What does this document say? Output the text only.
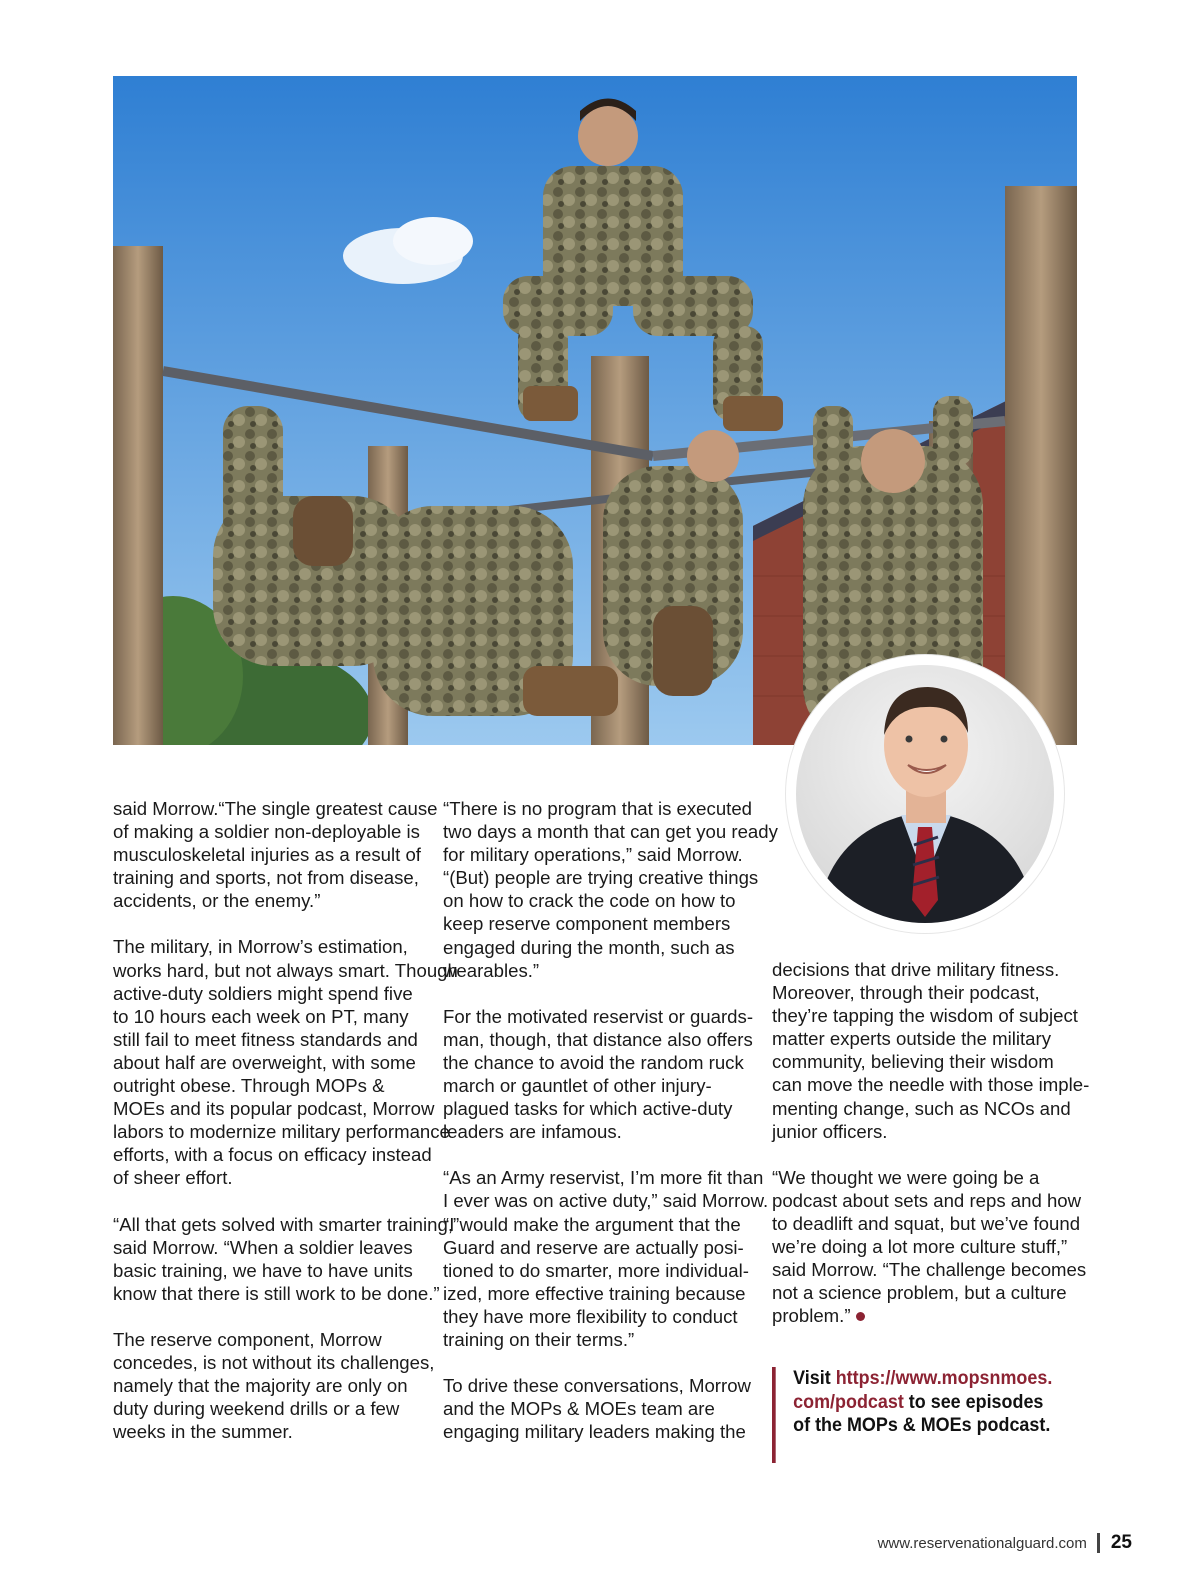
said Morrow.“The single greatest cause
of making a soldier non-deployable is
musculoskeletal injuries as a result of
training and sports, not from disease,
accidents, or the enemy.”

The military, in Morrow’s estimation,
works hard, but not always smart. Though
active-duty soldiers might spend five
to 10 hours each week on PT, many
still fail to meet fitness standards and
about half are overweight, with some
outright obese. Through MOPs &
MOEs and its popular podcast, Morrow
labors to modernize military performance
efforts, with a focus on efficacy instead
of sheer effort.

“All that gets solved with smarter training,”
said Morrow. “When a soldier leaves
basic training, we have to have units
know that there is still work to be done.”

The reserve component, Morrow
concedes, is not without its challenges,
namely that the majority are only on
duty during weekend drills or a few
weeks in the summer.

“There is no program that is executed
two days a month that can get you ready
for military operations,” said Morrow.
“(But) people are trying creative things
on how to crack the code on how to
keep reserve component members
engaged during the month, such as
wearables.”

For the motivated reservist or guards-
man, though, that distance also offers
the chance to avoid the random ruck
march or gauntlet of other injury-
plagued tasks for which active-duty
leaders are infamous.

“As an Army reservist, I’m more fit than
I ever was on active duty,” said Morrow.
“I would make the argument that the
Guard and reserve are actually posi-
tioned to do smarter, more individual-
ized, more effective training because
they have more flexibility to conduct
training on their terms.”

To drive these conversations, Morrow
and the MOPs & MOEs team are
engaging military leaders making the

decisions that drive military fitness.
Moreover, through their podcast,
they’re tapping the wisdom of subject
matter experts outside the military
community, believing their wisdom
can move the needle with those imple-
menting change, such as NCOs and
junior officers.

“We thought we were going be a
podcast about sets and reps and how
to deadlift and squat, but we’ve found
we’re doing a lot more culture stuff,”
said Morrow. “The challenge becomes
not a science problem, but a culture
problem.”

Visit https://www.mopsnmoes.
com/podcast to see episodes
of the MOPs & MOEs podcast.
www.reservenationalguard.com 25
